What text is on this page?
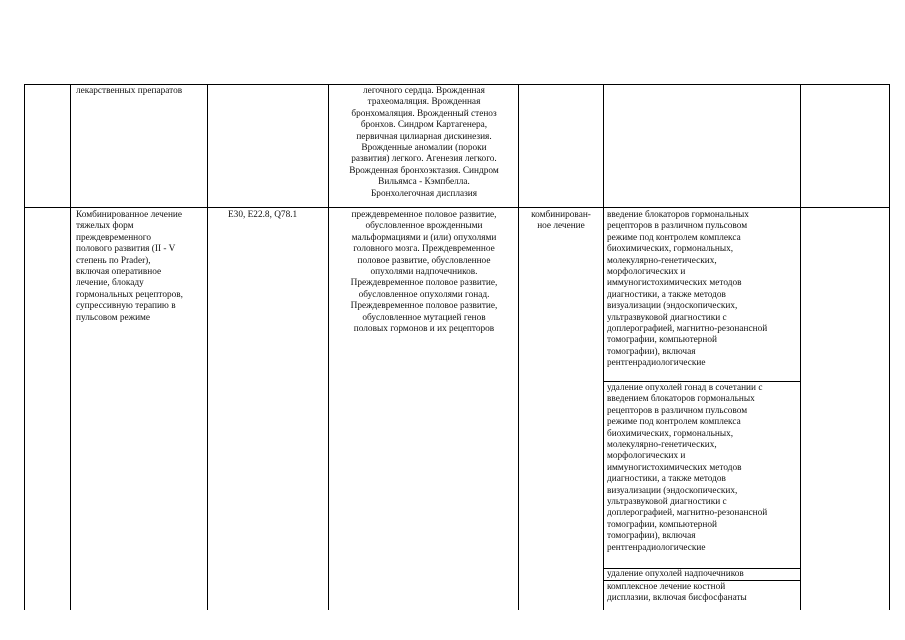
лекарственных препаратов	легочного сердца. Врожденная

трахеомаляция. Врожденная

бронхомаляция. Врожденный стеноз

бронхов. Синдром Картагенера,

первичная цилиарная дискинезия.

Врожденные аномалии (пороки

развития) легкого. Агенезия легкого.

Врожденная бронхоэктазия. Синдром

Вильямса - Кэмпбелла.

Бронхолегочная дисплазия

Комбинированное лечение

тяжелых форм

преждевременного

полового развития (II - V

степень по Prader),

включая оперативное

лечение, блокаду

гормональных рецепторов,

супрессивную терапию в

пульсовом режиме

E30, E22.8, Q78.1	преждевременное половое развитие,

обусловленное врожденными

мальформациями и (или) опухолями

головного мозга. Преждевременное

половое развитие, обусловленное

опухолями надпочечников.

Преждевременное половое развитие,

обусловленное опухолями гонад.

Преждевременное половое развитие,

обусловленное мутацией генов

половых гормонов и их рецепторов

комбинирован-

ное лечение

введение блокаторов гормональных

рецепторов в различном пульсовом

режиме под контролем комплекса

биохимических, гормональных,

молекулярно-генетических,

морфологических и

иммуногистохимических методов

диагностики, а также методов

визуализации (эндоскопических,

ультразвуковой диагностики с

доплерографией, магнитно-резонансной

томографии, компьютерной

томографии), включая

рентгенрадиологические

удаление опухолей гонад в сочетании с

введением блокаторов гормональных

рецепторов в различном пульсовом

режиме под контролем комплекса

биохимических, гормональных,

молекулярно-генетических,

морфологических и

иммуногистохимических методов

диагностики, а также методов

визуализации (эндоскопических,

ультразвуковой диагностики с

доплерографией, магнитно-резонансной

томографии, компьютерной

томографии), включая

рентгенрадиологические

удаление опухолей надпочечников

комплексное лечение костной

дисплазии, включая бисфосфанаты
